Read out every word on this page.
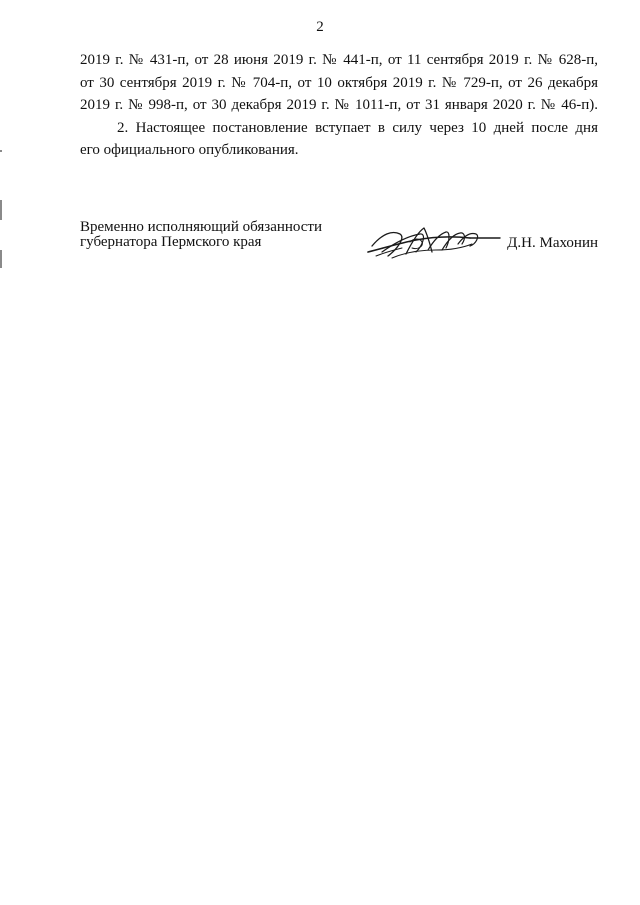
2

2019 г. № 431-п, от 28 июня 2019 г. № 441-п, от 11 сентября 2019 г. № 628-п,

от 30 сентября 2019 г. № 704-п, от 10 октября 2019 г. № 729-п, от 26 декабря

2019 г. № 998-п, от 30 декабря 2019 г. № 1011-п, от 31 января 2020 г. № 46-п).

2. Настоящее постановление вступает в силу через 10 дней после дня

его официального опубликования.

Временно исполняющий обязанности
губернатора Пермского края	Д.Н. Махонин
